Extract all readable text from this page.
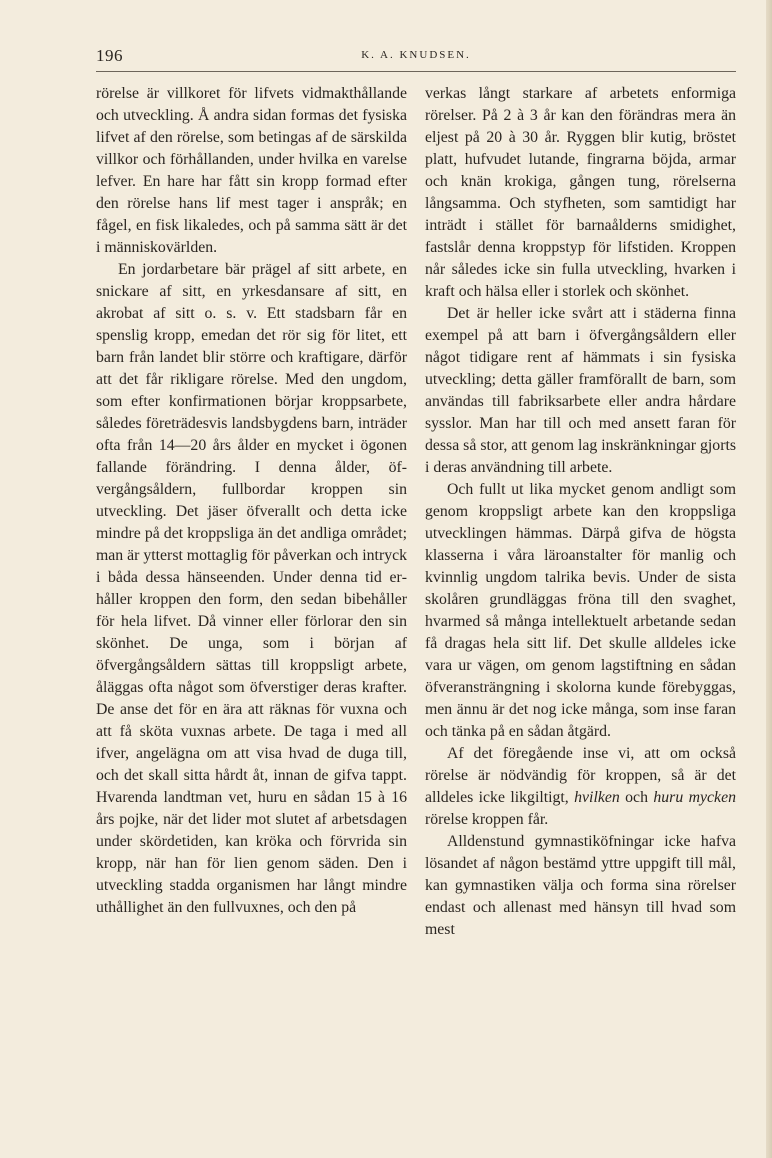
196	K. A. KNUDSEN.

rörelse är villkoret för lifvets vidmakthållande och utveckling. Å andra sidan formas det fysiska lifvet af den rörelse, som betingas af de särskilda villkor och förhållanden, under hvilka en varelse lefver. En hare har fått sin kropp formad efter den rörelse hans lif mest tager i anspråk; en fågel, en fisk likaledes, och på samma sätt är det i människovärlden.

En jordarbetare bär prägel af sitt arbete, en snickare af sitt, en yrkesdansare af sitt, en akrobat af sitt o. s. v. Ett stadsbarn får en spenslig kropp, emedan det rör sig för litet, ett barn från landet blir större och kraftigare, därför att det får rikligare rörelse. Med den ungdom, som efter konfirmationen börjar kroppsarbete, således företrädesvis landsbygdens barn, inträder ofta från 14—20 års ålder en mycket i ögonen fallande förändring. I denna ålder, öfvergångsåldern, fullbordar kroppen sin utveckling. Det jäser öfverallt och detta icke mindre på det kroppsliga än det andliga området; man är ytterst mottaglig för påverkan och intryck i båda dessa hänseenden. Under denna tid erhåller kroppen den form, den sedan bibehåller för hela lifvet. Då vinner eller förlorar den sin skönhet. De unga, som i början af öfvergångsåldern sättas till kroppsligt arbete, åläggas ofta något som öfverstiger deras krafter. De anse det för en ära att räknas för vuxna och att få sköta vuxnas arbete. De taga i med all ifver, angelägna om att visa hvad de duga till, och det skall sitta hårdt åt, innan de gifva tappt. Hvarenda landtman vet, huru en sådan 15 à 16 års pojke, när det lider mot slutet af arbetsdagen under skördetiden, kan kröka och förvrida sin kropp, när han för lien genom säden. Den i utveckling stadda organismen har långt mindre uthållighet än den fullvuxnes, och den på

verkas långt starkare af arbetets enformiga rörelser. På 2 à 3 år kan den förändras mera än eljest på 20 à 30 år. Ryggen blir kutig, bröstet platt, hufvudet lutande, fingrarna böjda, armar och knän krokiga, gången tung, rörelserna långsamma. Och styfheten, som samtidigt har inträdt i stället för barnaålderns smidighet, fastslår denna kroppstyp för lifstiden. Kroppen når således icke sin fulla utveckling, hvarken i kraft och hälsa eller i storlek och skönhet.

Det är heller icke svårt att i städerna finna exempel på att barn i öfvergångsåldern eller något tidigare rent af hämmats i sin fysiska utveckling; detta gäller framförallt de barn, som användas till fabriksarbete eller andra hårdare sysslor. Man har till och med ansett faran för dessa så stor, att genom lag inskränkningar gjorts i deras användning till arbete.

Och fullt ut lika mycket genom andligt som genom kroppsligt arbete kan den kroppsliga utvecklingen hämmas. Därpå gifva de högsta klasserna i våra läroanstalter för manlig och kvinnlig ungdom talrika bevis. Under de sista skolåren grundläggas fröna till den svaghet, hvarmed så många intellektuelt arbetande sedan få dragas hela sitt lif. Det skulle alldeles icke vara ur vägen, om genom lagstiftning en sådan öfveransträngning i skolorna kunde förebyggas, men ännu är det nog icke många, som inse faran och tänka på en sådan åtgärd.

Af det föregående inse vi, att om också rörelse är nödvändig för kroppen, så är det alldeles icke likgiltigt, hvilken och huru mycken rörelse kroppen får.

Alldenstund gymnastiköfningar icke hafva lösandet af någon bestämd yttre uppgift till mål, kan gymnastiken välja och forma sina rörelser endast och allenast med hänsyn till hvad som mest
